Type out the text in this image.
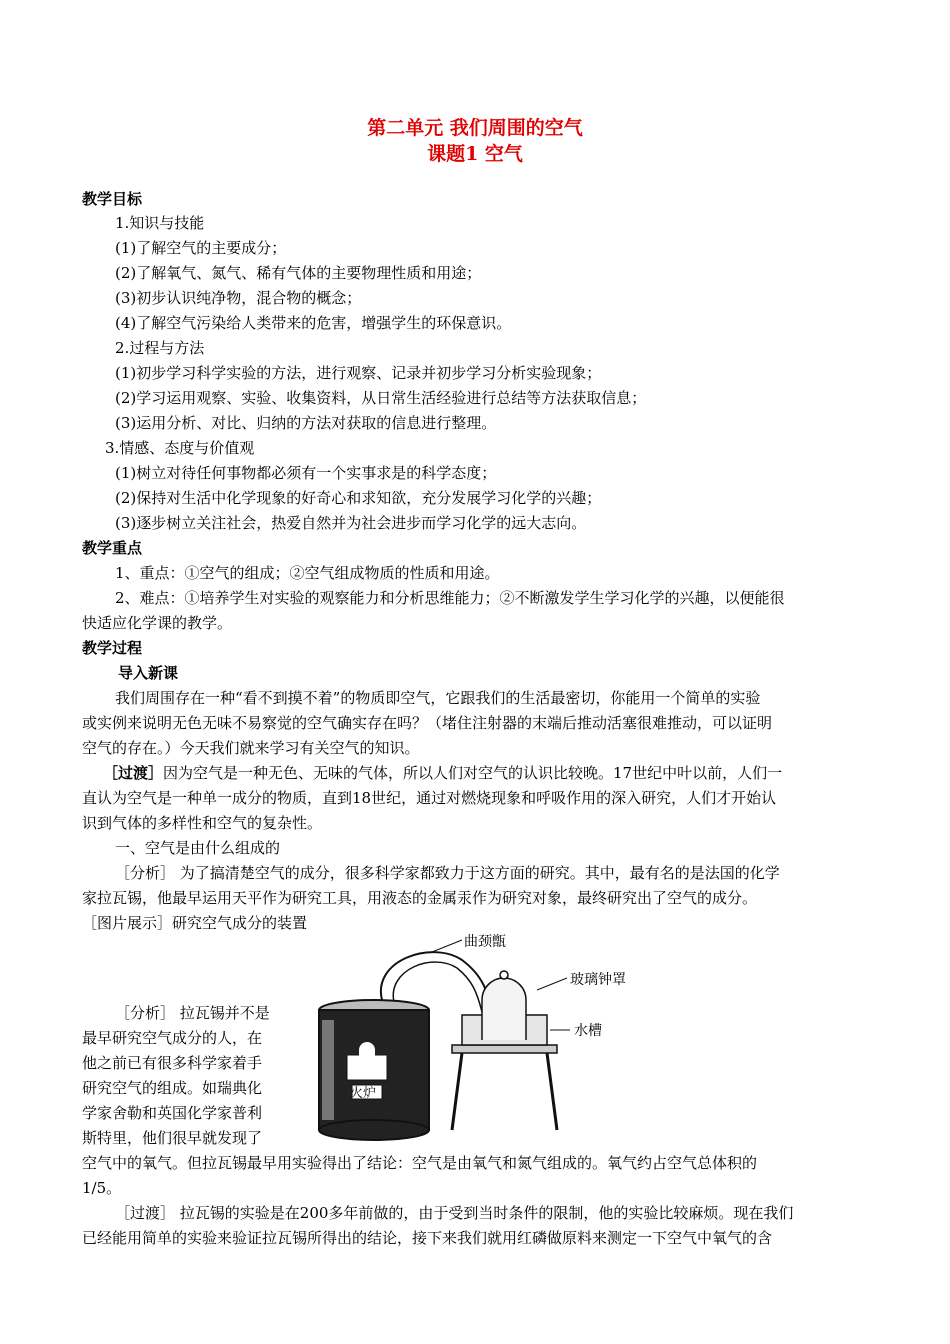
第二单元 我们周围的空气
课题1 空气
教学目标
1.知识与技能
(1)了解空气的主要成分；
(2)了解氧气、氮气、稀有气体的主要物理性质和用途；
(3)初步认识纯净物，混合物的概念；
(4)了解空气污染给人类带来的危害，增强学生的环保意识。
2.过程与方法
(1)初步学习科学实验的方法，进行观察、记录并初步学习分析实验现象；
(2)学习运用观察、实验、收集资料，从日常生活经验进行总结等方法获取信息；
(3)运用分析、对比、归纳的方法对获取的信息进行整理。
3.情感、态度与价值观
(1)树立对待任何事物都必须有一个实事求是的科学态度；
(2)保持对生活中化学现象的好奇心和求知欲，充分发展学习化学的兴趣；
(3)逐步树立关注社会，热爱自然并为社会进步而学习化学的远大志向。
教学重点
1、重点：①空气的组成；②空气组成物质的性质和用途。
2、难点：①培养学生对实验的观察能力和分析思维能力；②不断激发学生学习化学的兴趣，以便能很
快适应化学课的教学。
教学过程
导入新课
我们周围存在一种“看不到摸不着”的物质即空气，它跟我们的生活最密切，你能用一个简单的实验
或实例来说明无色无味不易察觉的空气确实存在吗？（堵住注射器的末端后推动活塞很难推动，可以证明
空气的存在。）今天我们就来学习有关空气的知识。
［过渡］因为空气是一种无色、无味的气体，所以人们对空气的认识比较晚。17世纪中叶以前，人们一
直认为空气是一种单一成分的物质，直到18世纪，通过对燃烧现象和呼吸作用的深入研究，人们才开始认
识到气体的多样性和空气的复杂性。
一、空气是由什么组成的
［分析］ 为了搞清楚空气的成分，很多科学家都致力于这方面的研究。其中，最有名的是法国的化学
家拉瓦锡，他最早运用天平作为研究工具，用液态的金属汞作为研究对象，最终研究出了空气的成分。
［图片展示］研究空气成分的装置
［分析］ 拉瓦锡并不是
最早研究空气成分的人，在
他之前已有很多科学家着手
研究空气的组成。如瑞典化
学家舍勒和英国化学家普利
斯特里，他们很早就发现了
空气中的氧气。但拉瓦锡最早用实验得出了结论：空气是由氧气和氮气组成的。氧气约占空气总体积的
1/5。
［过渡］ 拉瓦锡的实验是在200多年前做的，由于受到当时条件的限制，他的实验比较麻烦。现在我们
已经能用简单的实验来验证拉瓦锡所得出的结论，接下来我们就用红磷做原料来测定一下空气中氧气的含
曲颈甑
玻璃钟罩
水槽
火炉
